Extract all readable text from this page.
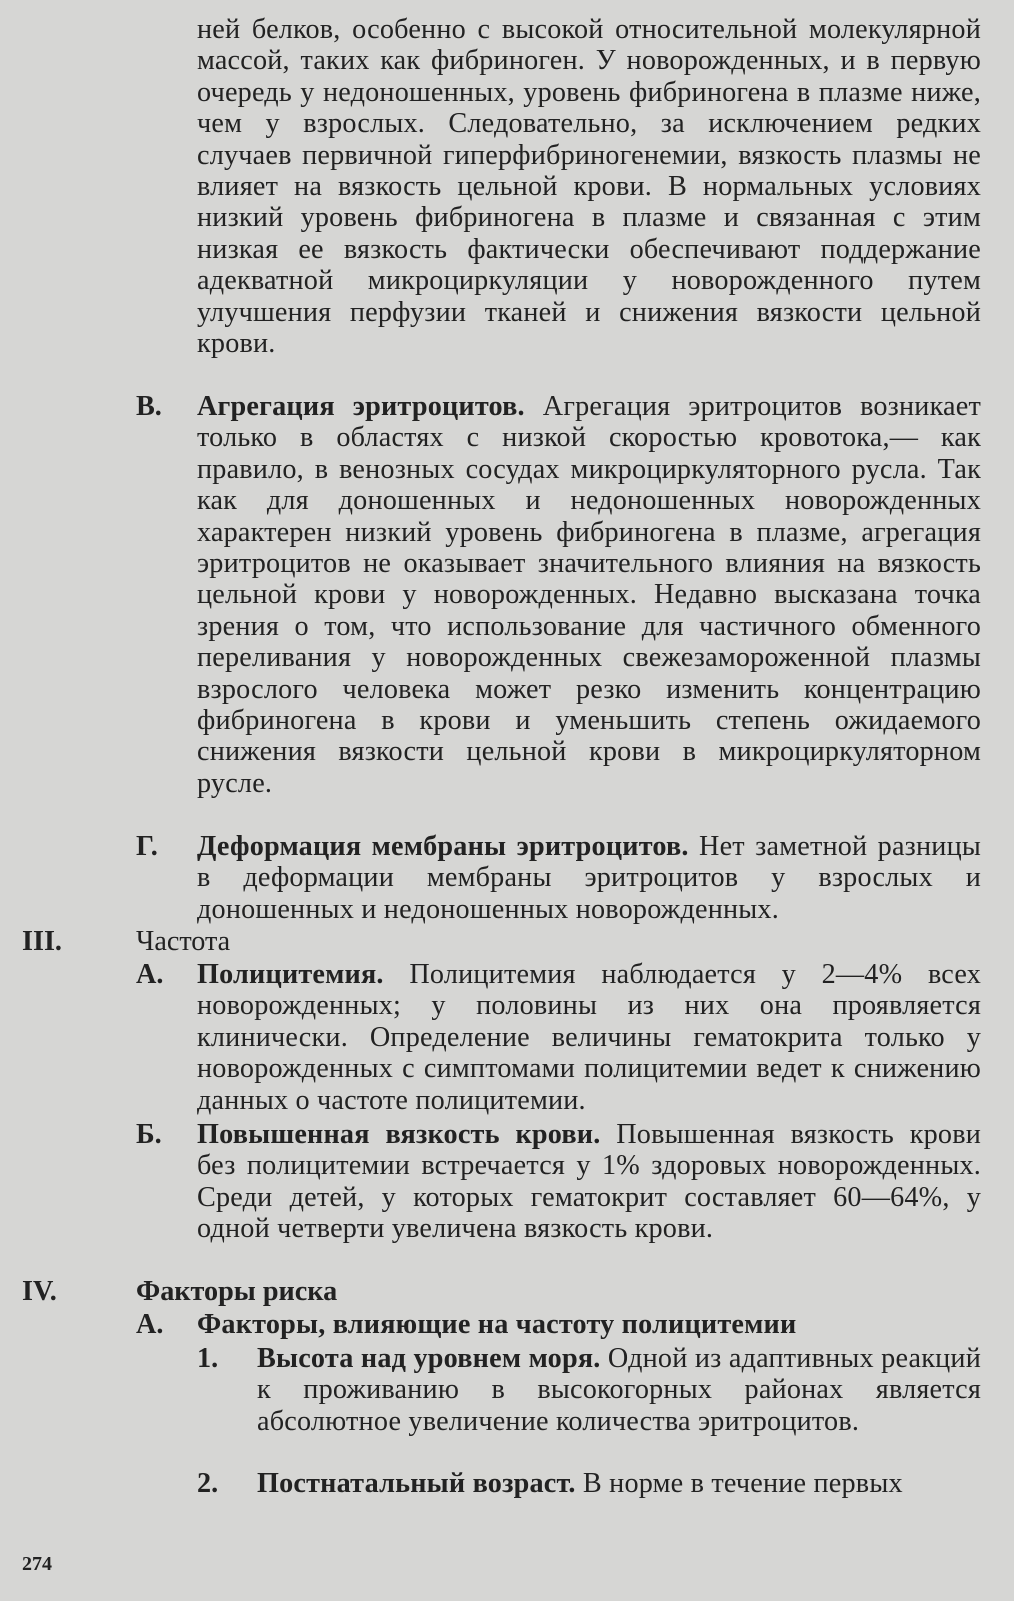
ней белков, особенно с высокой относительной молекулярной массой, таких как фибриноген. У новорожденных, и в первую очередь у недоношенных, уровень фибриногена в плазме ниже, чем у взрослых. Следовательно, за исключением редких случаев первичной гиперфибриногенемии, вязкость плазмы не влияет на вязкость цельной крови. В нормальных условиях низкий уровень фибриногена в плазме и связанная с этим низкая ее вязкость фактически обеспечивают поддержание адекватной микроциркуляции у новорожденного путем улучшения перфузии тканей и снижения вязкости цельной крови.
В. Агрегация эритроцитов. Агрегация эритроцитов возникает только в областях с низкой скоростью кровотока,— как правило, в венозных сосудах микроциркуляторного русла. Так как для доношенных и недоношенных новорожденных характерен низкий уровень фибриногена в плазме, агрегация эритроцитов не оказывает значительного влияния на вязкость цельной крови у новорожденных. Недавно высказана точка зрения о том, что использование для частичного обменного переливания у новорожденных свежезамороженной плазмы взрослого человека может резко изменить концентрацию фибриногена в крови и уменьшить степень ожидаемого снижения вязкости цельной крови в микроциркуляторном русле.
Г. Деформация мембраны эритроцитов. Нет заметной разницы в деформации мембраны эритроцитов у взрослых и доношенных и недоношенных новорожденных.
III.	Частота
А. Полицитемия. Полицитемия наблюдается у 2—4% всех новорожденных; у половины из них она проявляется клинически. Определение величины гематокрита только у новорожденных с симптомами полицитемии ведет к снижению данных о частоте полицитемии.
Б. Повышенная вязкость крови. Повышенная вязкость крови без полицитемии встречается у 1% здоровых новорожденных. Среди детей, у которых гематокрит составляет 60—64%, у одной четверти увеличена вязкость крови.
IV.	Факторы риска
А. Факторы, влияющие на частоту полицитемии
1. Высота над уровнем моря. Одной из адаптивных реакций к проживанию в высокогорных районах является абсолютное увеличение количества эритроцитов.
2. Постнатальный возраст. В норме в течение первых
274
